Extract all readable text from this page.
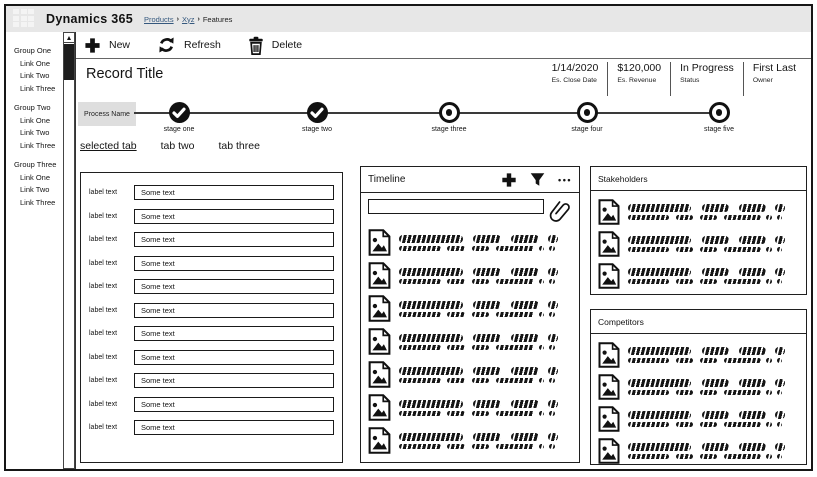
Dynamics 365 Products › Xyz › Features
Group One
Link One
Link Two
Link Three
Group Two
Link One
Link Two
Link Three
Group Three
Link One
Link Two
Link Three
New	Refresh	Delete
Record Title	1/14/2020
Es. Close Date
$120,000
Es. Revenue
In Progress
Status
First Last
Owner
Process Name
stage one	stage two	stage three	stage four	stage five
selected tab tab two tab three
label text	Some text
label text	Some text
label text	Some text
label text	Some text
label text	Some text
label text	Some text
label text	Some text
label text	Some text
label text	Some text
label text	Some text
label text	Some text
Timeline	•••	Stakeholders
Competitors
